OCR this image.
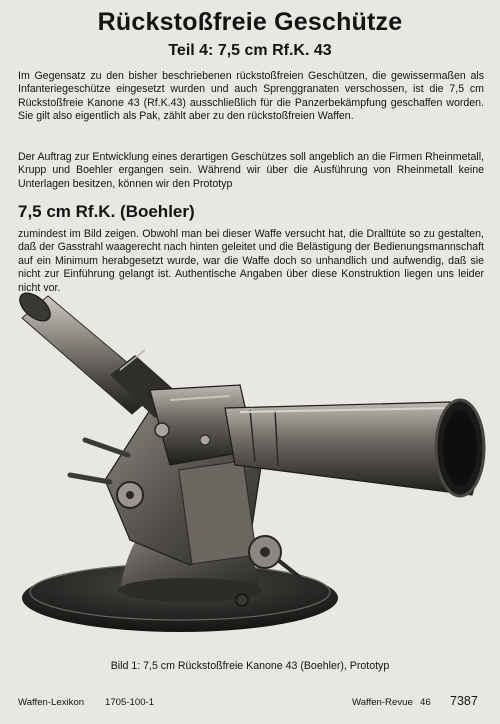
Rückstoßfreie Geschütze
Teil 4: 7,5 cm Rf.K. 43

Im Gegensatz zu den bisher beschriebenen rückstoßfreien Geschützen, die gewissermaßen als Infanteriegeschütze eingesetzt wurden und auch Sprenggranaten verschossen, ist die 7,5 cm Rückstoßfreie Kanone 43 (Rf.K.43) ausschließlich für die Panzerbekämpfung geschaffen worden. Sie gilt also eigentlich als Pak, zählt aber zu den rückstoßfreien Waffen.

Der Auftrag zur Entwicklung eines derartigen Geschützes soll angeblich an die Firmen Rheinmetall, Krupp und Boehler ergangen sein. Während wir über die Ausführung von Rheinmetall keine Unterlagen besitzen, können wir den Prototyp

7,5 cm Rf.K. (Boehler)

zumindest im Bild zeigen. Obwohl man bei dieser Waffe versucht hat, die Dralltüte so zu gestalten, daß der Gasstrahl waagerecht nach hinten geleitet und die Belästigung der Bedienungsmannschaft auf ein Minimum herabgesetzt wurde, war die Waffe doch so unhandlich und aufwendig, daß sie nicht zur Einführung gelangt ist. Authentische Angaben über diese Konstruktion liegen uns leider nicht vor.

Bild 1: 7,5 cm Rückstoßfreie Kanone 43 (Boehler), Prototyp
Waffen-Lexikon 1705-100-1	Waffen-Revue 46 7387
